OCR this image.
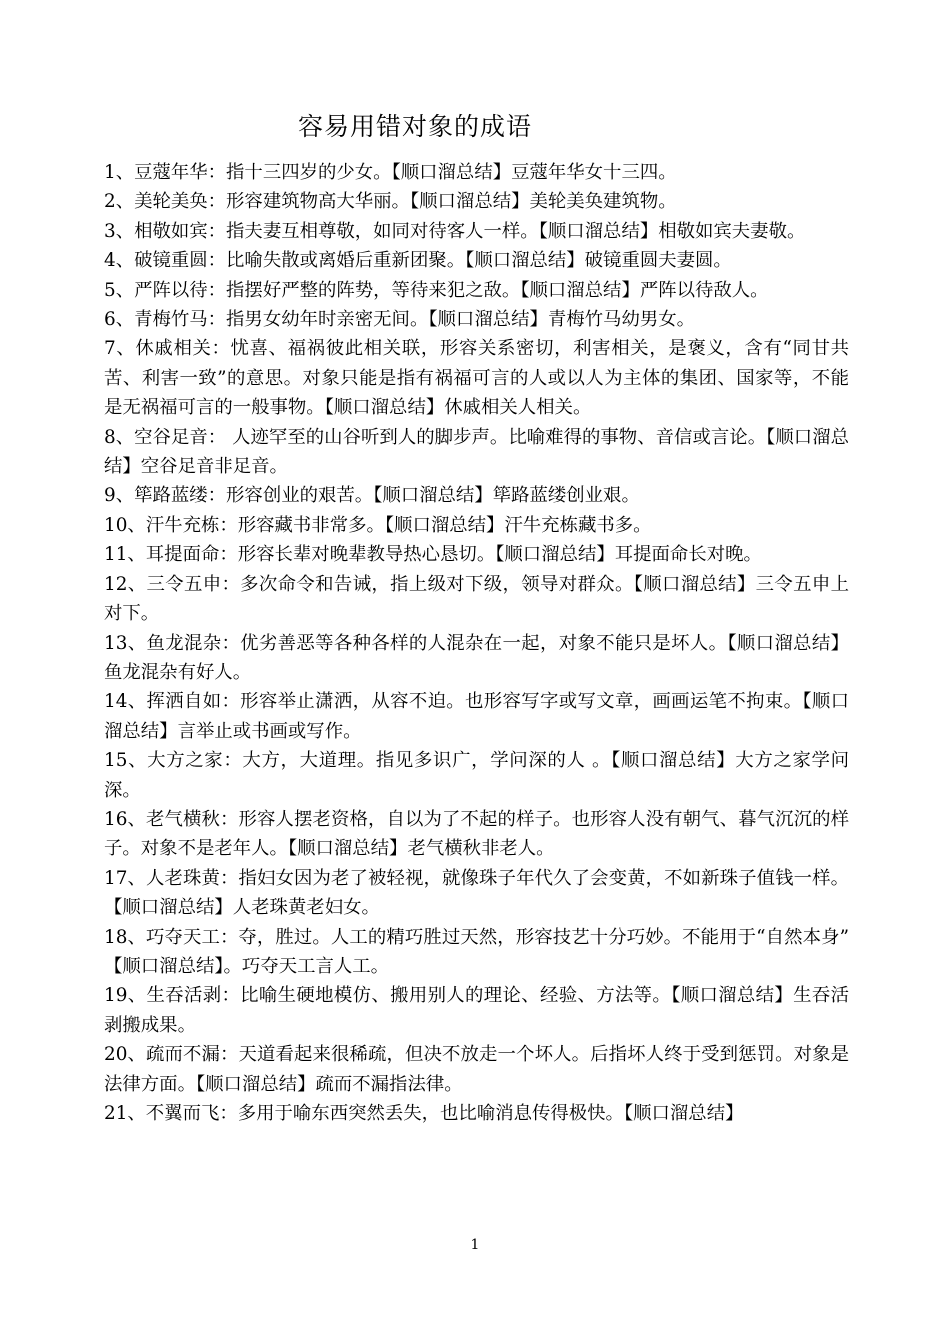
容易用错对象的成语

1、豆蔻年华：指十三四岁的少女。【顺口溜总结】豆蔻年华女十三四。

2、美轮美奂：形容建筑物高大华丽。【顺口溜总结】美轮美奂建筑物。

3、相敬如宾：指夫妻互相尊敬，如同对待客人一样。【顺口溜总结】相敬如宾夫妻敬。

4、破镜重圆：比喻失散或离婚后重新团聚。【顺口溜总结】破镜重圆夫妻圆。

5、严阵以待：指摆好严整的阵势，等待来犯之敌。【顺口溜总结】严阵以待敌人。

6、青梅竹马：指男女幼年时亲密无间。【顺口溜总结】青梅竹马幼男女。

7、休戚相关：忧喜、福祸彼此相关联，形容关系密切，利害相关，是褒义，含有“同甘共苦、利害一致”的意思。对象只能是指有祸福可言的人或以人为主体的集团、国家等，不能是无祸福可言的一般事物。【顺口溜总结】休戚相关人相关。

8、空谷足音： 人迹罕至的山谷听到人的脚步声。比喻难得的事物、音信或言论。【顺口溜总结】空谷足音非足音。

9、筚路蓝缕：形容创业的艰苦。【顺口溜总结】筚路蓝缕创业艰。

10、汗牛充栋：形容藏书非常多。【顺口溜总结】汗牛充栋藏书多。

11、耳提面命：形容长辈对晚辈教导热心恳切。【顺口溜总结】耳提面命长对晚。

12、三令五申：多次命令和告诫，指上级对下级，领导对群众。【顺口溜总结】三令五申上对下。

13、鱼龙混杂：优劣善恶等各种各样的人混杂在一起，对象不能只是坏人。【顺口溜总结】鱼龙混杂有好人。

14、挥洒自如：形容举止潇洒，从容不迫。也形容写字或写文章，画画运笔不拘束。【顺口溜总结】言举止或书画或写作。

15、大方之家：大方，大道理。指见多识广，学问深的人 。【顺口溜总结】大方之家学问深。

16、老气横秋：形容人摆老资格，自以为了不起的样子。也形容人没有朝气、暮气沉沉的样子。对象不是老年人。【顺口溜总结】老气横秋非老人。

17、人老珠黄：指妇女因为老了被轻视，就像珠子年代久了会变黄，不如新珠子值钱一样。【顺口溜总结】人老珠黄老妇女。

18、巧夺天工：夺，胜过。人工的精巧胜过天然，形容技艺十分巧妙。不能用于“自然本身” 【顺口溜总结】。巧夺天工言人工。

19、生吞活剥：比喻生硬地模仿、搬用别人的理论、经验、方法等。【顺口溜总结】生吞活剥搬成果。

20、疏而不漏：天道看起来很稀疏，但决不放走一个坏人。后指坏人终于受到惩罚。对象是法律方面。【顺口溜总结】疏而不漏指法律。

21、不翼而飞：多用于喻东西突然丢失，也比喻消息传得极快。【顺口溜总结】

1
